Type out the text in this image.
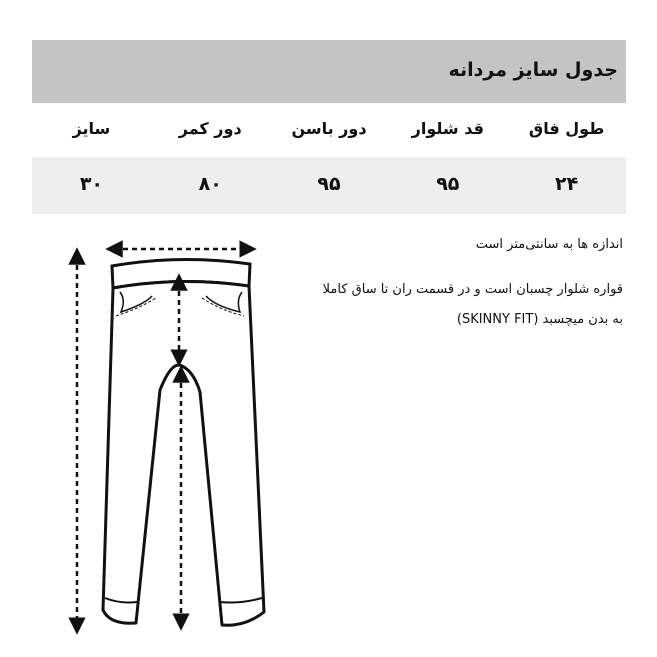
جدول سایز مردانه
طول فاق
قد شلوار
دور باسن
دور کمر
سایز
۲۴
۹۵
۹۵
۸۰
۳۰
اندازه ها به سانتی‌متر است
قواره شلوار چسبان است و در قسمت ران تا ساق کاملا
به بدن میچسبد (SKINNY FIT)
